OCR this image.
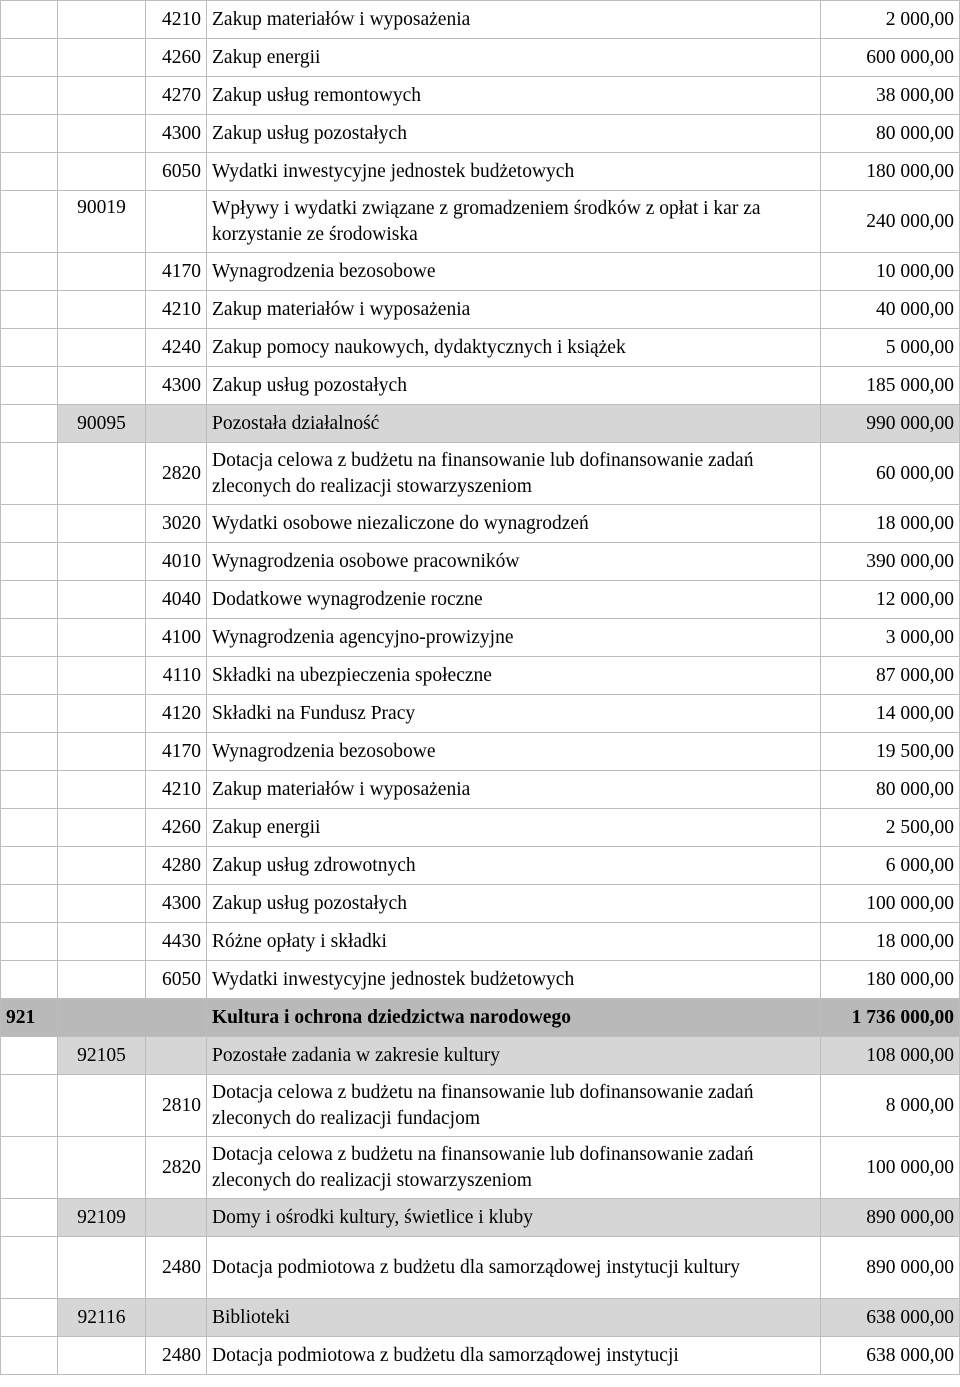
		4210	Zakup materiałów i wyposażenia	2 000,00
		4260	Zakup energii	600 000,00
		4270	Zakup usług remontowych	38 000,00
		4300	Zakup usług pozostałych	80 000,00
		6050	Wydatki inwestycyjne jednostek budżetowych	180 000,00
	90019		Wpływy i wydatki związane z gromadzeniem środków z opłat i kar za korzystanie ze środowiska	240 000,00
		4170	Wynagrodzenia bezosobowe	10 000,00
		4210	Zakup materiałów i wyposażenia	40 000,00
		4240	Zakup pomocy naukowych, dydaktycznych i książek	5 000,00
		4300	Zakup usług pozostałych	185 000,00
	90095		Pozostała działalność	990 000,00
		2820	Dotacja celowa z budżetu na finansowanie lub dofinansowanie zadań zleconych do realizacji stowarzyszeniom	60 000,00
		3020	Wydatki osobowe niezaliczone do wynagrodzeń	18 000,00
		4010	Wynagrodzenia osobowe pracowników	390 000,00
		4040	Dodatkowe wynagrodzenie roczne	12 000,00
		4100	Wynagrodzenia agencyjno-prowizyjne	3 000,00
		4110	Składki na ubezpieczenia społeczne	87 000,00
		4120	Składki na Fundusz Pracy	14 000,00
		4170	Wynagrodzenia bezosobowe	19 500,00
		4210	Zakup materiałów i wyposażenia	80 000,00
		4260	Zakup energii	2 500,00
		4280	Zakup usług zdrowotnych	6 000,00
		4300	Zakup usług pozostałych	100 000,00
		4430	Różne opłaty i składki	18 000,00
		6050	Wydatki inwestycyjne jednostek budżetowych	180 000,00
921			Kultura i ochrona dziedzictwa narodowego	1 736 000,00
	92105		Pozostałe zadania w zakresie kultury	108 000,00
		2810	Dotacja celowa z budżetu na finansowanie lub dofinansowanie zadań zleconych do realizacji fundacjom	8 000,00
		2820	Dotacja celowa z budżetu na finansowanie lub dofinansowanie zadań zleconych do realizacji stowarzyszeniom	100 000,00
	92109		Domy i ośrodki kultury, świetlice i kluby	890 000,00
		2480	Dotacja podmiotowa z budżetu dla samorządowej instytucji kultury	890 000,00
	92116		Biblioteki	638 000,00
		2480	Dotacja podmiotowa z budżetu dla samorządowej instytucji	638 000,00
